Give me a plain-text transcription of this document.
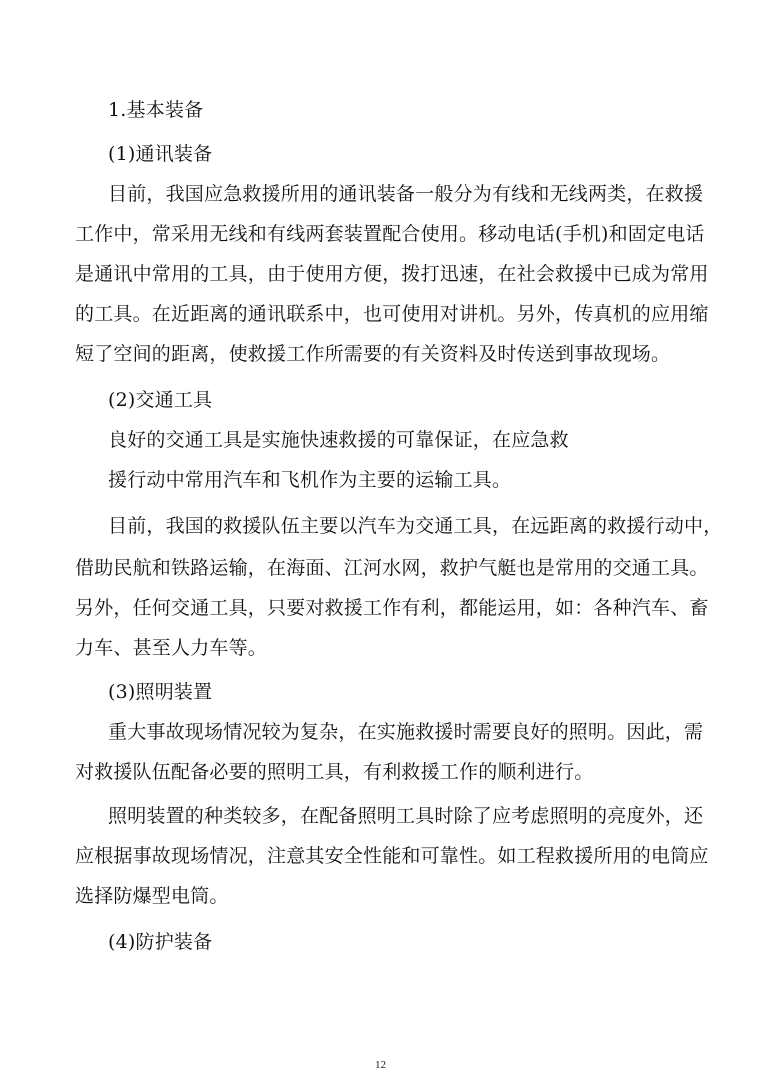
1.基本装备
(1)通讯装备
目前，我国应急救援所用的通讯装备一般分为有线和无线两类，在救援
工作中，常采用无线和有线两套装置配合使用。移动电话(手机)和固定电话
是通讯中常用的工具，由于使用方便，拨打迅速，在社会救援中已成为常用
的工具。在近距离的通讯联系中，也可使用对讲机。另外，传真机的应用缩
短了空间的距离，使救援工作所需要的有关资料及时传送到事故现场。
(2)交通工具
良好的交通工具是实施快速救援的可靠保证，在应急救
援行动中常用汽车和飞机作为主要的运输工具。
目前，我国的救援队伍主要以汽车为交通工具，在远距离的救援行动中，
借助民航和铁路运输，在海面、江河水网，救护气艇也是常用的交通工具。
另外，任何交通工具，只要对救援工作有利，都能运用，如：各种汽车、畜
力车、甚至人力车等。
(3)照明装置
重大事故现场情况较为复杂，在实施救援时需要良好的照明。因此，需
对救援队伍配备必要的照明工具，有利救援工作的顺利进行。
照明装置的种类较多，在配备照明工具时除了应考虑照明的亮度外，还
应根据事故现场情况，注意其安全性能和可靠性。如工程救援所用的电筒应
选择防爆型电筒。
(4)防护装备
12
